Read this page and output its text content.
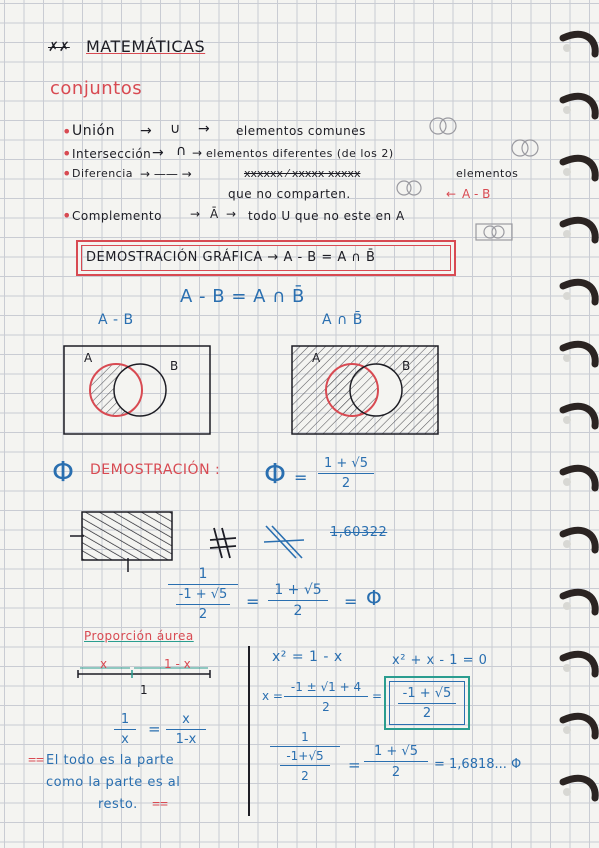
✗✗ MATEMÁTICAS
conjuntos
• Unión → ∪ → elementos comunes
• Intersección → ∩ → elementos diferentes (de los 2)
• Diferencia → —— →	xxxxxx ⁄ xxxxx xxxxx	elementos
que no comparten.	← A - B
• Complemento → Ā → todo U que no este en A
DEMOSTRACIÓN GRÁFICA → A - B = A ∩ B̄
A - B = A ∩ B̄
A - B	A ∩ B̄
A
B
A
B
Φ DEMOSTRACIÓN : Φ =
1 + √5
2
1,60322
1
-1 + √5
2
=
1 + √5
2	= Φ
Proporción áurea
x	1 - x
1
1
x
=
x
1-x
⩵ El todo es la parte
como la parte es al
resto. ⩵
x² = 1 - x	x² + x - 1 = 0
x =
-1 ± √1 + 4
2
=	-1 + √5
2
1
-1+√5
2
=
1 + √5
2
= 1,6818... Φ
